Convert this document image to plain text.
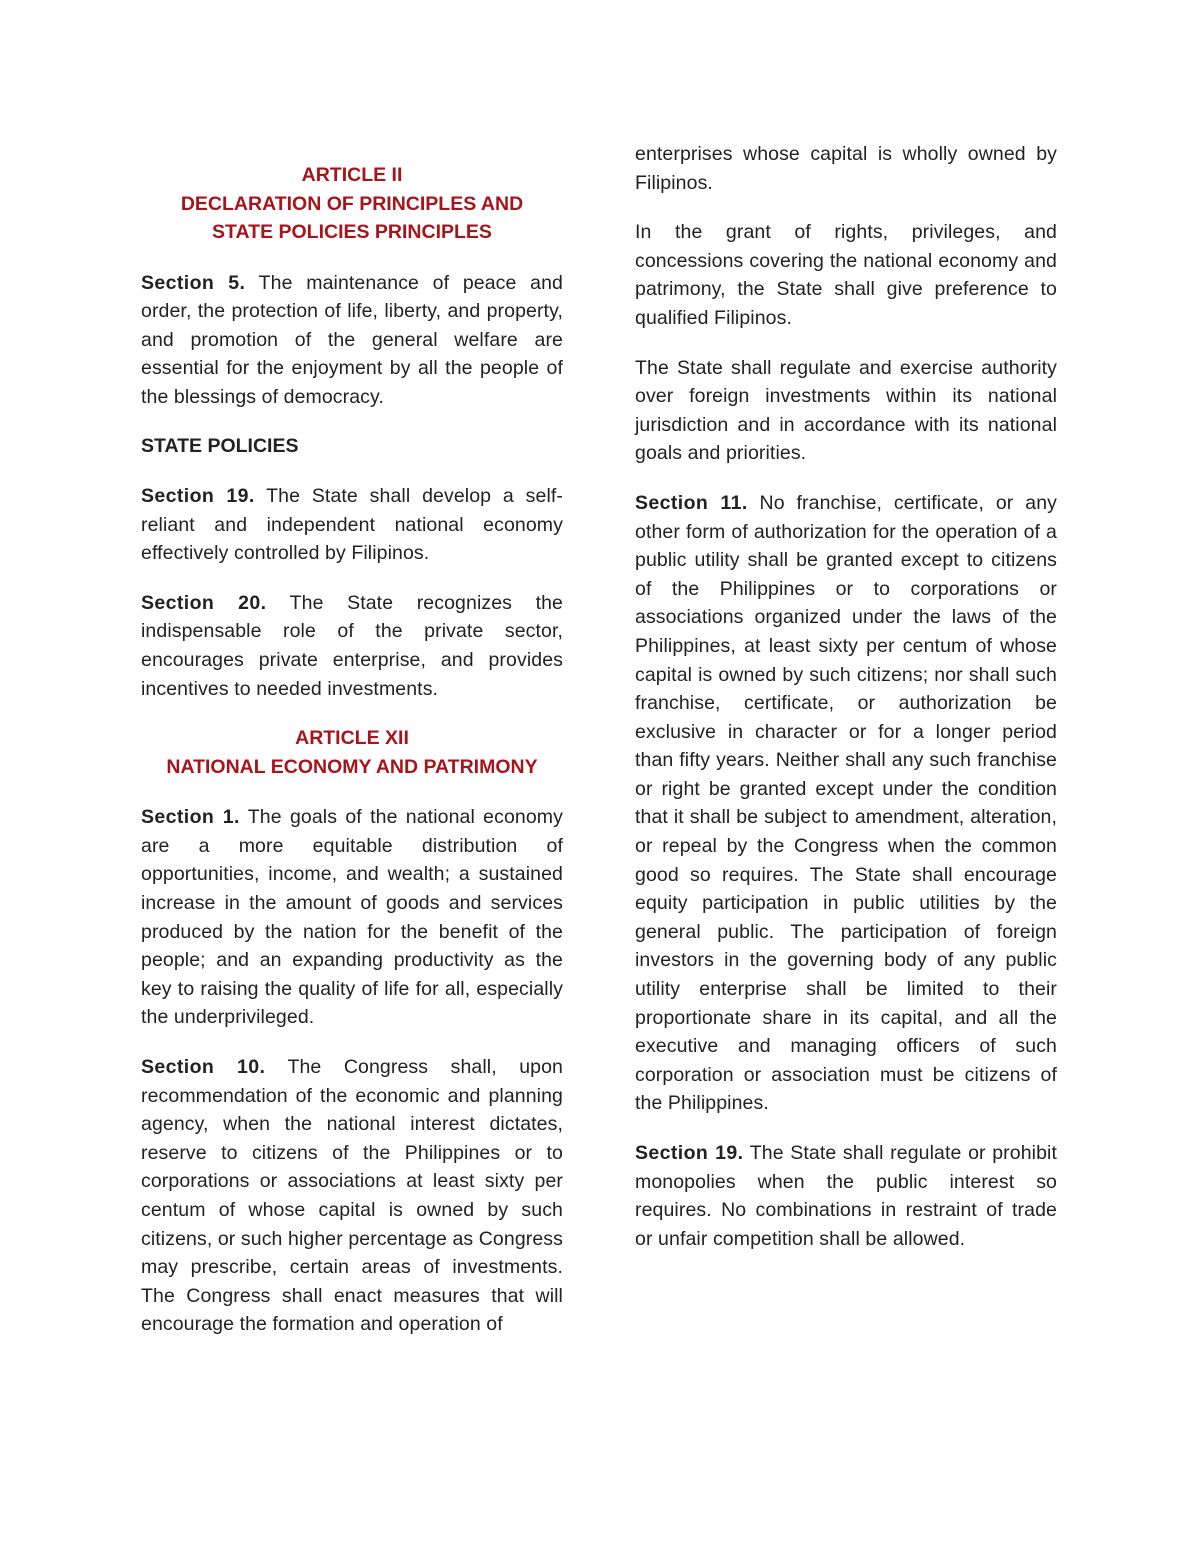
ARTICLE II
DECLARATION OF PRINCIPLES AND
STATE POLICIES PRINCIPLES

Section 5. The maintenance of peace and order, the protection of life, liberty, and property, and promotion of the general welfare are essential for the enjoyment by all the people of the blessings of democracy.

STATE POLICIES

Section 19. The State shall develop a self-reliant and independent national economy effectively controlled by Filipinos.

Section 20. The State recognizes the indispensable role of the private sector, encourages private enterprise, and provides incentives to needed investments.

ARTICLE XII
NATIONAL ECONOMY AND PATRIMONY

Section 1. The goals of the national economy are a more equitable distribution of opportunities, income, and wealth; a sustained increase in the amount of goods and services produced by the nation for the benefit of the people; and an expanding productivity as the key to raising the quality of life for all, especially the underprivileged.

Section 10. The Congress shall, upon recommendation of the economic and planning agency, when the national interest dictates, reserve to citizens of the Philippines or to corporations or associations at least sixty per centum of whose capital is owned by such citizens, or such higher percentage as Congress may prescribe, certain areas of investments. The Congress shall enact measures that will encourage the formation and operation of

enterprises whose capital is wholly owned by Filipinos.

In the grant of rights, privileges, and concessions covering the national economy and patrimony, the State shall give preference to qualified Filipinos.

The State shall regulate and exercise authority over foreign investments within its national jurisdiction and in accordance with its national goals and priorities.

Section 11. No franchise, certificate, or any other form of authorization for the operation of a public utility shall be granted except to citizens of the Philippines or to corporations or associations organized under the laws of the Philippines, at least sixty per centum of whose capital is owned by such citizens; nor shall such franchise, certificate, or authorization be exclusive in character or for a longer period than fifty years. Neither shall any such franchise or right be granted except under the condition that it shall be subject to amendment, alteration, or repeal by the Congress when the common good so requires. The State shall encourage equity participation in public utilities by the general public. The participation of foreign investors in the governing body of any public utility enterprise shall be limited to their proportionate share in its capital, and all the executive and managing officers of such corporation or association must be citizens of the Philippines.

Section 19. The State shall regulate or prohibit monopolies when the public interest so requires. No combinations in restraint of trade or unfair competition shall be allowed.
